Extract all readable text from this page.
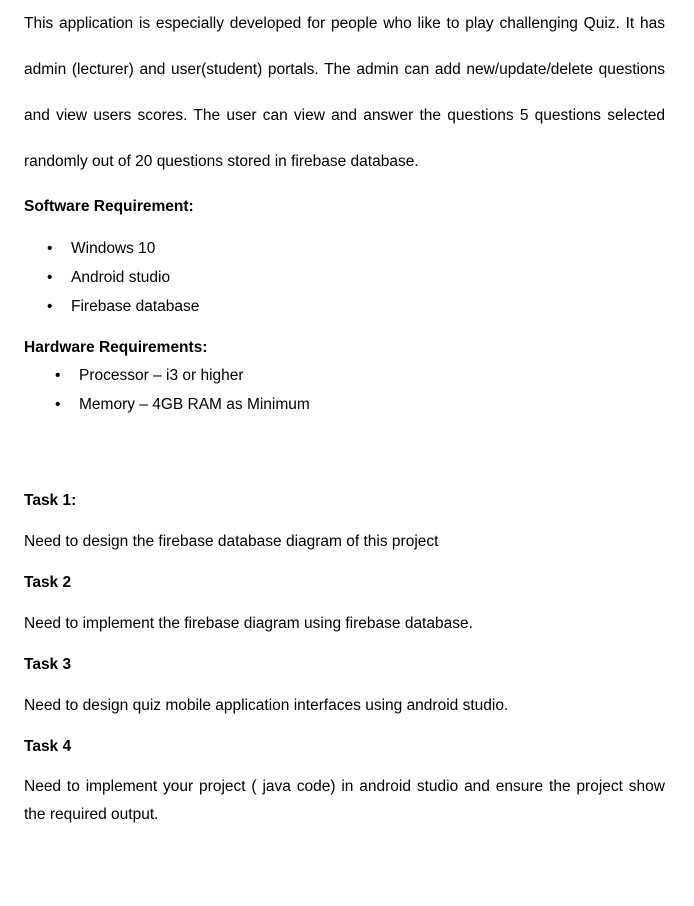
This application is especially developed for people who like to play challenging Quiz. It has
admin (lecturer) and user(student) portals. The admin can add new/update/delete questions
and view users scores. The user can view and answer the questions 5 questions selected
randomly out of 20 questions stored in firebase database.
Software Requirement:
• Windows 10
• Android studio
• Firebase database
Hardware Requirements:
• Processor – i3 or higher
• Memory – 4GB RAM as Minimum
Task 1:
Need to design the firebase database diagram of this project
Task 2
Need to implement the firebase diagram using firebase database.
Task 3
Need to design quiz mobile application interfaces using android studio.
Task 4
Need to implement your project ( java code) in android studio and ensure the project show
the required output.
